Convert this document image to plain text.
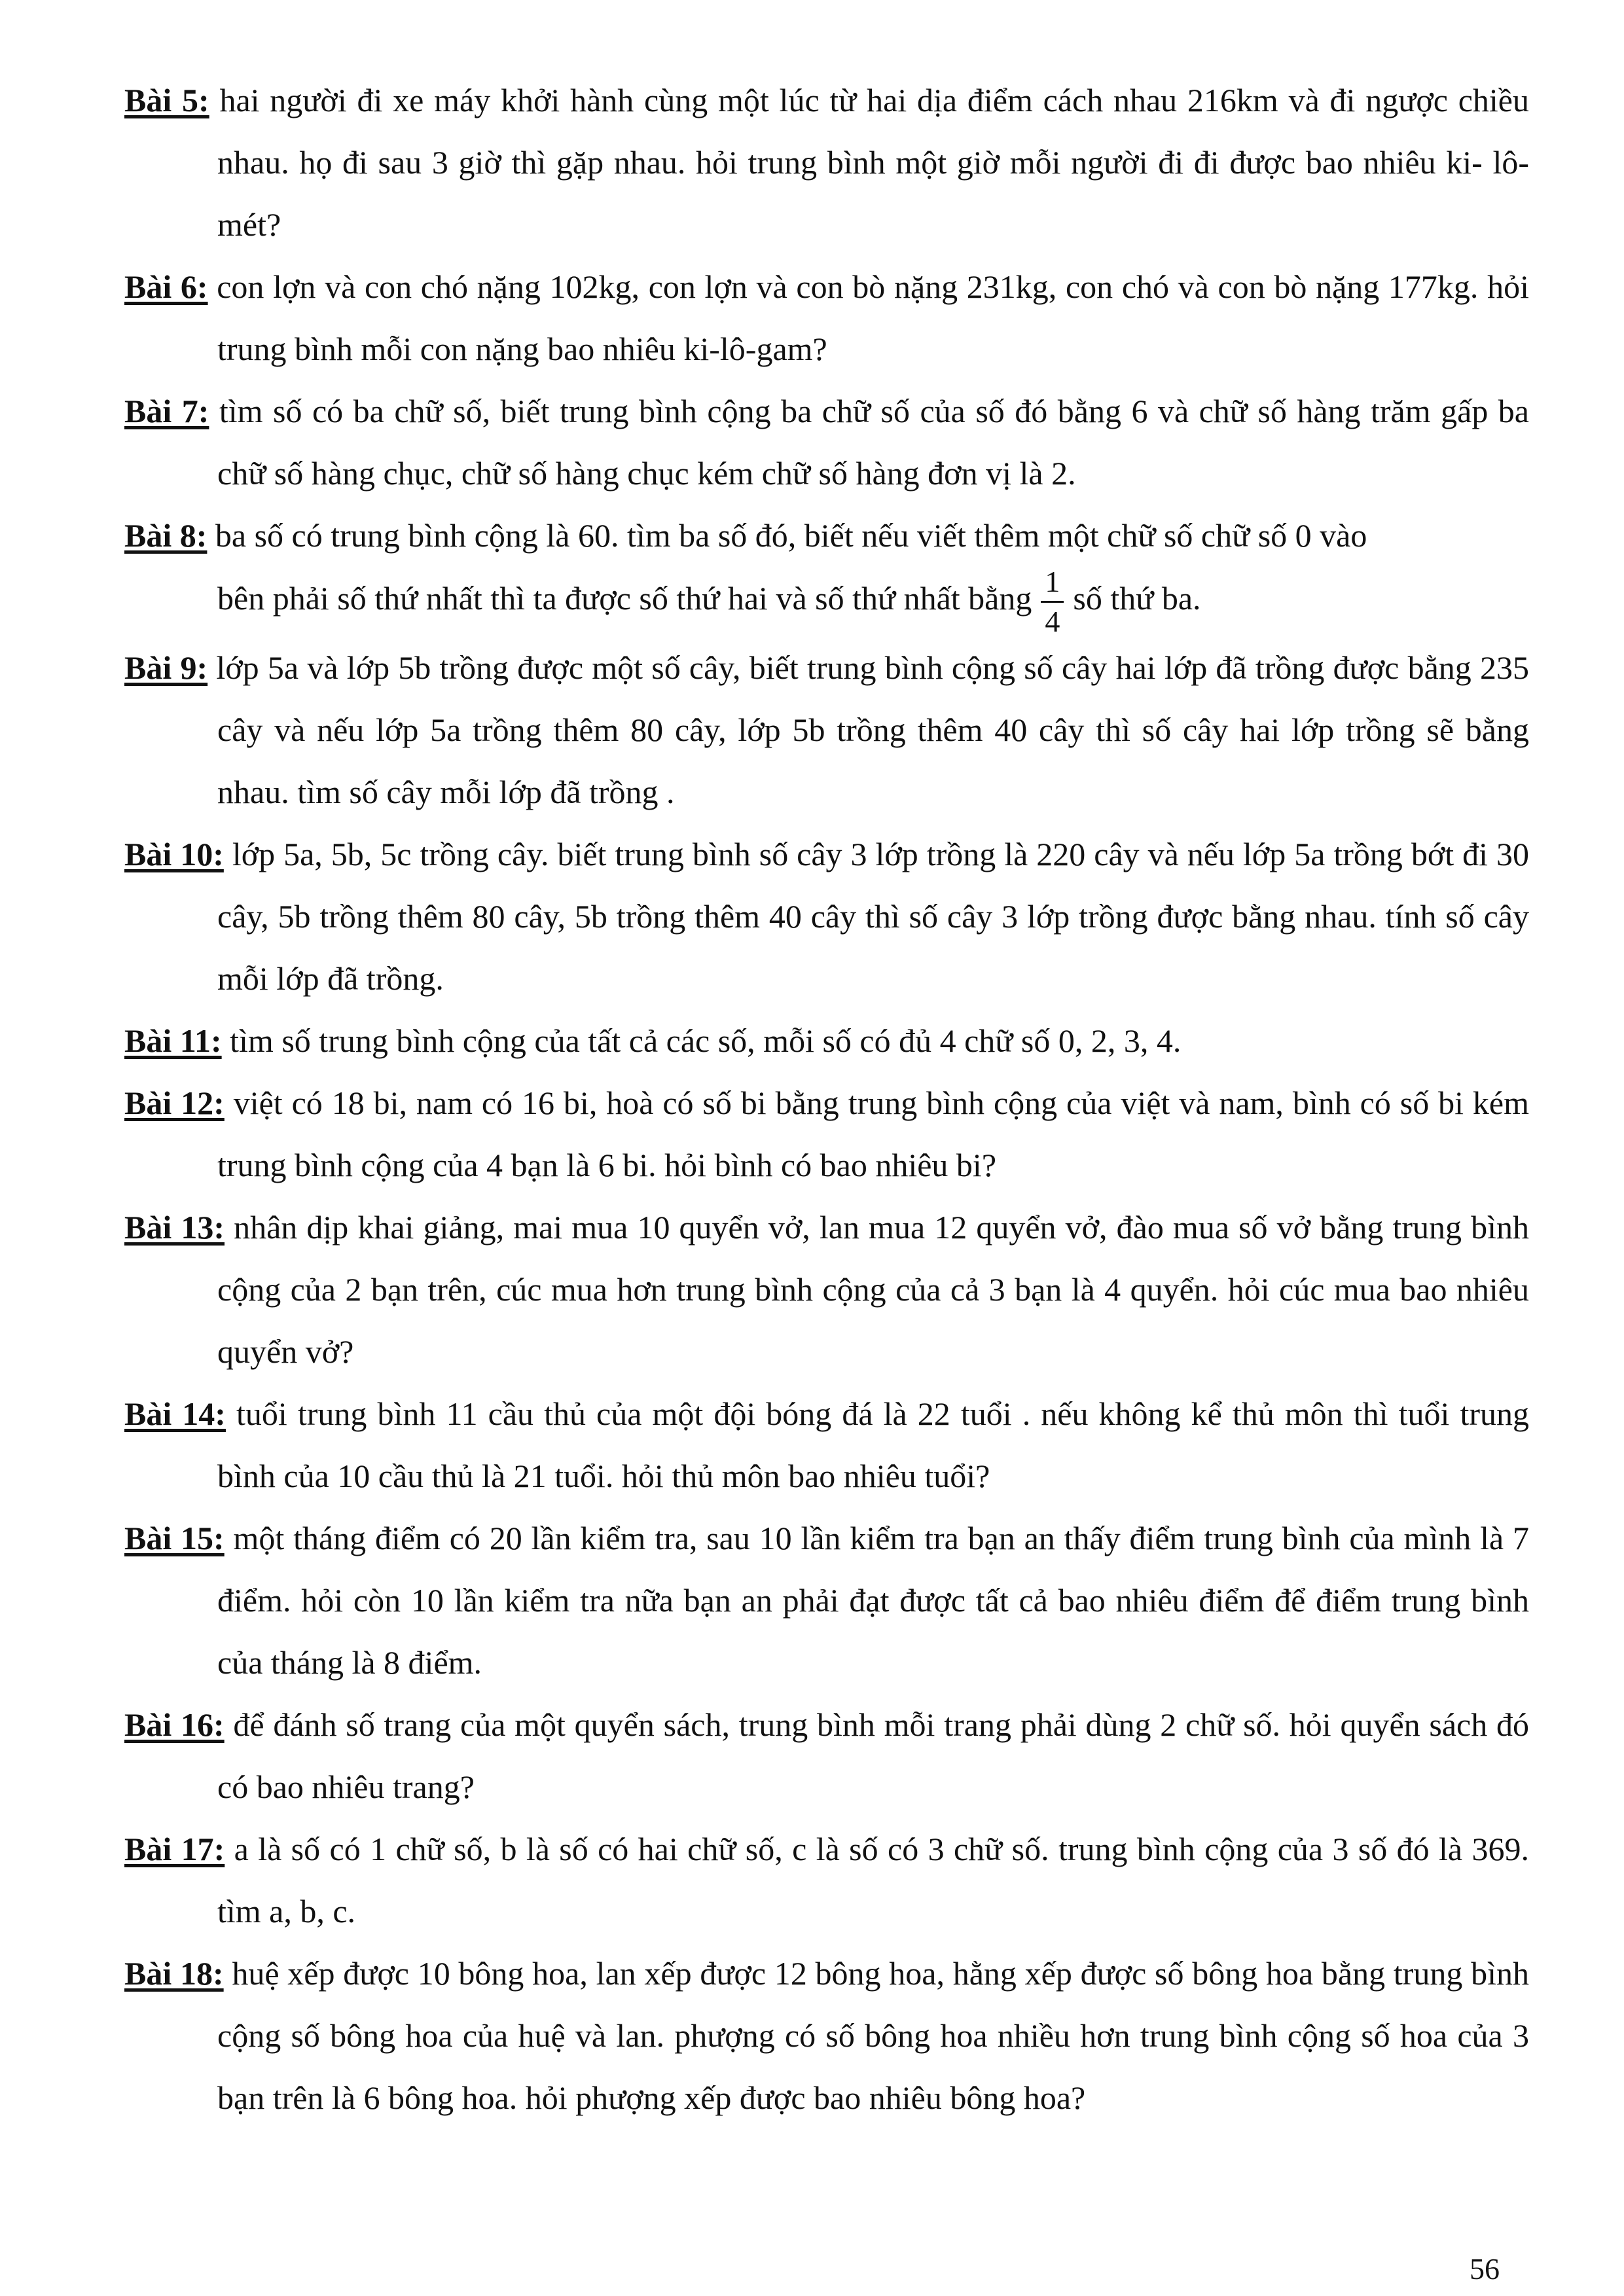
Bài 5: hai người đi xe máy khởi hành cùng một lúc từ hai dịa điểm cách nhau 216km và đi ngược chiều nhau. họ đi sau 3 giờ thì gặp nhau. hỏi trung bình một giờ mỗi người đi đi được bao nhiêu ki- lô-mét?

Bài 6: con lợn và con chó nặng 102kg, con lợn và con bò nặng 231kg, con chó và con bò nặng 177kg. hỏi trung bình mỗi con nặng bao nhiêu ki-lô-gam?

Bài 7: tìm số có ba chữ số, biết trung bình cộng ba chữ số của số đó bằng 6 và chữ số hàng trăm gấp ba chữ số hàng chục, chữ số hàng chục kém chữ số hàng đơn vị là 2.

Bài 8: ba số có trung bình cộng là 60. tìm ba số đó, biết nếu viết thêm một chữ số chữ số 0 vào
bên phải số thứ nhất thì ta được số thứ hai và số thứ nhất bằng $\frac{1}{4}$ số thứ ba.

Bài 9: lớp 5a và lớp 5b trồng được một số cây, biết trung bình cộng số cây hai lớp đã trồng được bằng 235 cây và nếu lớp 5a trồng thêm 80 cây, lớp 5b trồng thêm 40 cây thì số cây hai lớp trồng sẽ bằng nhau. tìm số cây mỗi lớp đã trồng .

Bài 10: lớp 5a, 5b, 5c trồng cây. biết trung bình số cây 3 lớp trồng là 220 cây và nếu lớp 5a trồng bớt đi 30 cây, 5b trồng thêm 80 cây, 5b trồng thêm 40 cây thì số cây 3 lớp trồng được bằng nhau. tính số cây mỗi lớp đã trồng.

Bài 11: tìm số trung bình cộng của tất cả các số, mỗi số có đủ 4 chữ số 0, 2, 3, 4.

Bài 12: việt có 18 bi, nam có 16 bi, hoà có số bi bằng trung bình cộng của việt và nam, bình có số bi kém trung bình cộng của 4 bạn là 6 bi. hỏi bình có bao nhiêu bi?

Bài 13: nhân dịp khai giảng, mai mua 10 quyển vở, lan mua 12 quyển vở, đào mua số vở bằng trung bình cộng của 2 bạn trên, cúc mua hơn trung bình cộng của cả 3 bạn là 4 quyển. hỏi cúc mua bao nhiêu quyển vở?

Bài 14: tuổi trung bình 11 cầu thủ của một đội bóng đá là 22 tuổi . nếu không kể thủ môn thì tuổi trung bình của 10 cầu thủ là 21 tuổi. hỏi thủ môn bao nhiêu tuổi?

Bài 15: một tháng điểm có 20 lần kiểm tra, sau 10 lần kiểm tra bạn an thấy điểm trung bình của mình là 7 điểm. hỏi còn 10 lần kiểm tra nữa bạn an phải đạt được tất cả bao nhiêu điểm để điểm trung bình của tháng là 8 điểm.

Bài 16: để đánh số trang của một quyển sách, trung bình mỗi trang phải dùng 2 chữ số. hỏi quyển sách đó có bao nhiêu trang?

Bài 17: a là số có 1 chữ số, b là số có hai chữ số, c là số có 3 chữ số. trung bình cộng của 3 số đó là 369. tìm a, b, c.

Bài 18: huệ xếp được 10 bông hoa, lan xếp được 12 bông hoa, hằng xếp được số bông hoa bằng trung bình cộng số bông hoa của huệ và lan. phượng có số bông hoa nhiều hơn trung bình cộng số hoa của 3 bạn trên là 6 bông hoa. hỏi phượng xếp được bao nhiêu bông hoa?

56
